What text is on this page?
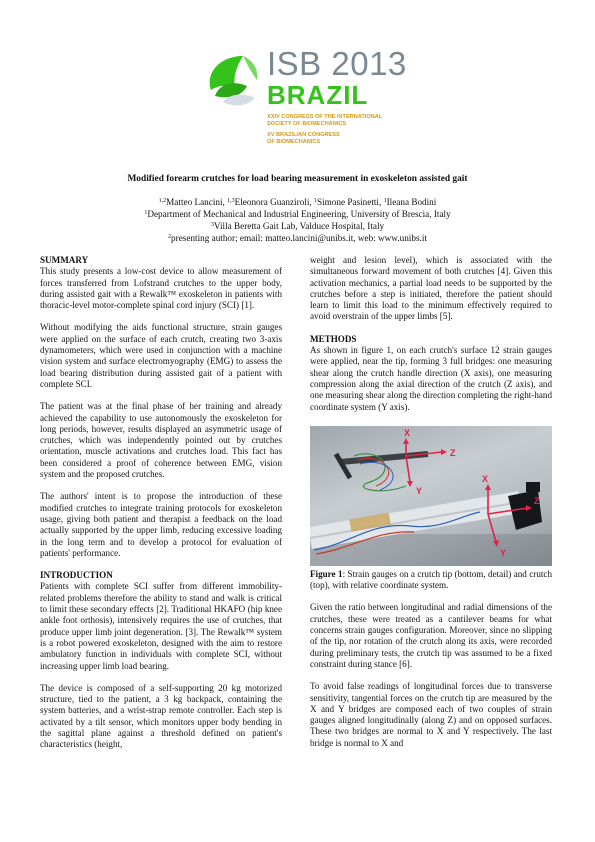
ISB 2013
BRAZIL
XXIV CONGRESS OF THE INTERNATIONAL
SOCIETY OF BIOMECHANICS
XV BRAZILIAN CONGRESS
OF BIOMECHANICS
Modified forearm crutches for load bearing measurement in exoskeleton assisted gait
$^{1,2}$Matteo Lancini, $^{1,3}$Eleonora Guanziroli, $^1$Simone Pasinetti, $^1$Ileana Bodini
$^1$Department of Mechanical and Industrial Engineering, University of Brescia, Italy
$^3$Villa Beretta Gait Lab, Valduce Hospital, Italy
$^2$presenting author; email: matteo.lancini@unibs.it, web: www.unibs.it
SUMMARY

This study presents a low-cost device to allow measurement of forces transferred from Lofstrand crutches to the upper body, during assisted gait with a Rewalk™ exoskeleton in patients with thoracic-level motor-complete spinal cord injury (SCI) [1].

Without modifying the aids functional structure, strain gauges were applied on the surface of each crutch, creating two 3-axis dynamometers, which were used in conjunction with a machine vision system and surface electromyography (EMG) to assess the load bearing distribution during assisted gait of a patient with complete SCI.

The patient was at the final phase of her training and already achieved the capability to use autonomously the exoskeleton for long periods, however, results displayed an asymmetric usage of crutches, which was independently pointed out by crutches orientation, muscle activations and crutches load. This fact has been considered a proof of coherence between EMG, vision system and the proposed crutches.

The authors' intent is to propose the introduction of these modified crutches to integrate training protocols for exoskeleton usage, giving both patient and therapist a feedback on the load actually supported by the upper limb, reducing excessive loading in the long term and to develop a protocol for evaluation of patients' performance.

INTRODUCTION

Patients with complete SCI suffer from different immobility-related problems therefore the ability to stand and walk is critical to limit these secondary effects [2]. Traditional HKAFO (hip knee ankle foot orthosis), intensively requires the use of crutches, that produce upper limb joint degeneration. [3]. The Rewalk™ system is a robot powered exoskeleton, designed with the aim to restore ambulatory function in individuals with complete SCI, without increasing upper limb load bearing.

The device is composed of a self-supporting 20 kg motorized structure, tied to the patient, a 3 kg backpack, containing the system batteries, and a wrist-strap remote controller. Each step is activated by a tilt sensor, which monitors upper body bending in the sagittal plane against a threshold defined on patient's characteristics (height,

weight and lesion level), which is associated with the simultaneous forward movement of both crutches [4]. Given this activation mechanics, a partial load needs to be supported by the crutches before a step is initiated, therefore the patient should learn to limit this load to the minimum effectively required to avoid overstrain of the upper limbs [5].

METHODS

As shown in figure 1, on each crutch's surface 12 strain gauges were applied, near the tip, forming 3 full bridges: one measuring shear along the crutch handle direction (X axis), one measuring compression along the axial direction of the crutch (Z axis), and one measuring shear along the direction completing the right-hand coordinate system (Y axis).

X
Z
Y
X
Z
Y

Figure 1: Strain gauges on a crutch tip (bottom, detail) and crutch (top), with relative coordinate system.

Given the ratio between longitudinal and radial dimensions of the crutches, these were treated as a cantilever beams for what concerns strain gauges configuration. Moreover, since no slipping of the tip, nor rotation of the crutch along its axis, were recorded during preliminary tests, the crutch tip was assumed to be a fixed constraint during stance [6].

To avoid false readings of longitudinal forces due to transverse sensitivity, tangential forces on the crutch tip are measured by the X and Y bridges are composed each of two couples of strain gauges aligned longitudinally (along Z) and on opposed surfaces. These two bridges are normal to X and Y respectively. The last bridge is normal to X and
